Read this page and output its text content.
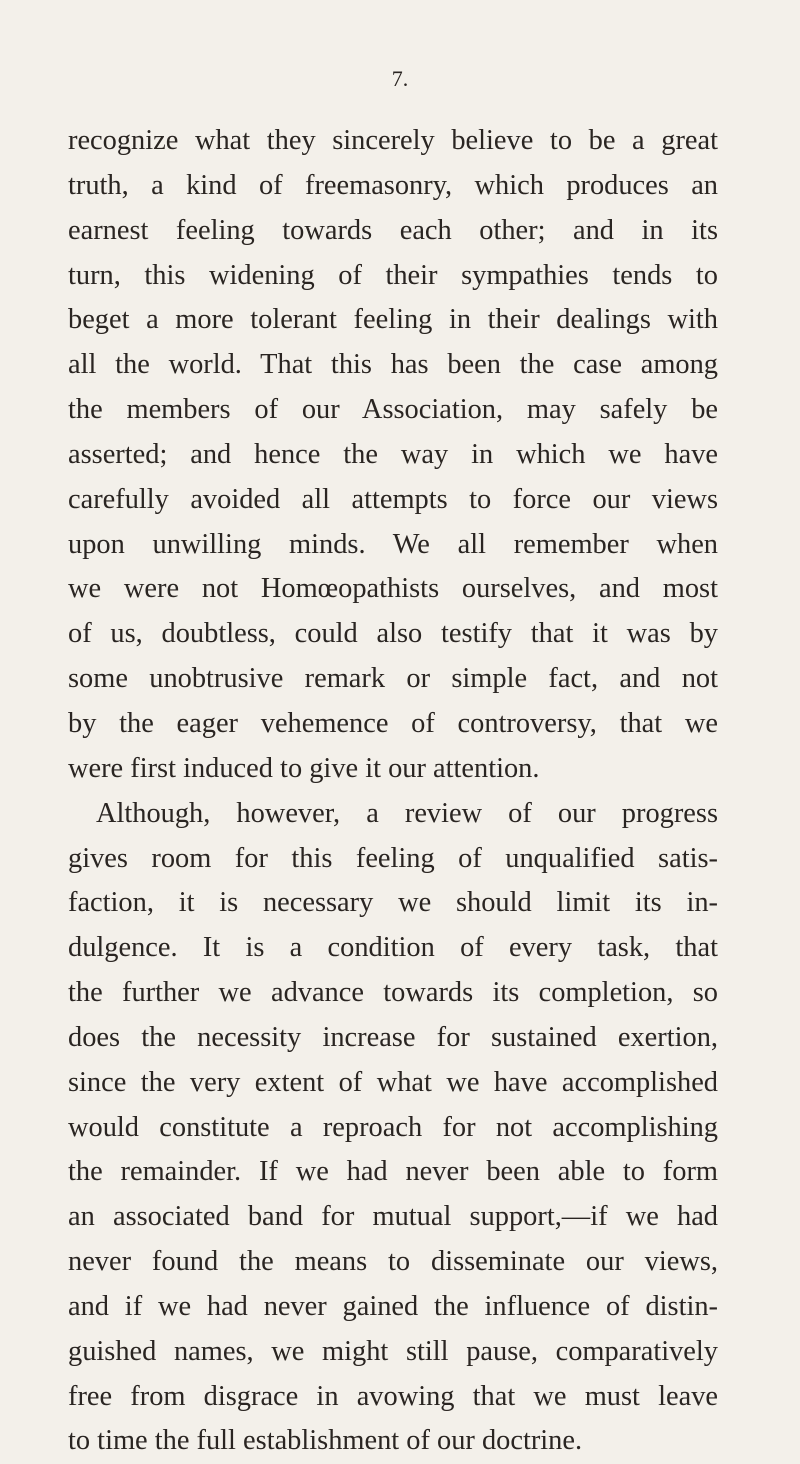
7.
recognize what they sincerely believe to be a great
truth, a kind of freemasonry, which produces an
earnest feeling towards each other; and in its
turn, this widening of their sympathies tends to
beget a more tolerant feeling in their dealings with
all the world. That this has been the case among
the members of our Association, may safely be
asserted; and hence the way in which we have
carefully avoided all attempts to force our views
upon unwilling minds. We all remember when
we were not Homœopathists ourselves, and most
of us, doubtless, could also testify that it was by
some unobtrusive remark or simple fact, and not
by the eager vehemence of controversy, that we
were first induced to give it our attention.
Although, however, a review of our progress
gives room for this feeling of unqualified satis-
faction, it is necessary we should limit its in-
dulgence. It is a condition of every task, that
the further we advance towards its completion, so
does the necessity increase for sustained exertion,
since the very extent of what we have accomplished
would constitute a reproach for not accomplishing
the remainder. If we had never been able to form
an associated band for mutual support,—if we had
never found the means to disseminate our views,
and if we had never gained the influence of distin-
guished names, we might still pause, comparatively
free from disgrace in avowing that we must leave
to time the full establishment of our doctrine.
